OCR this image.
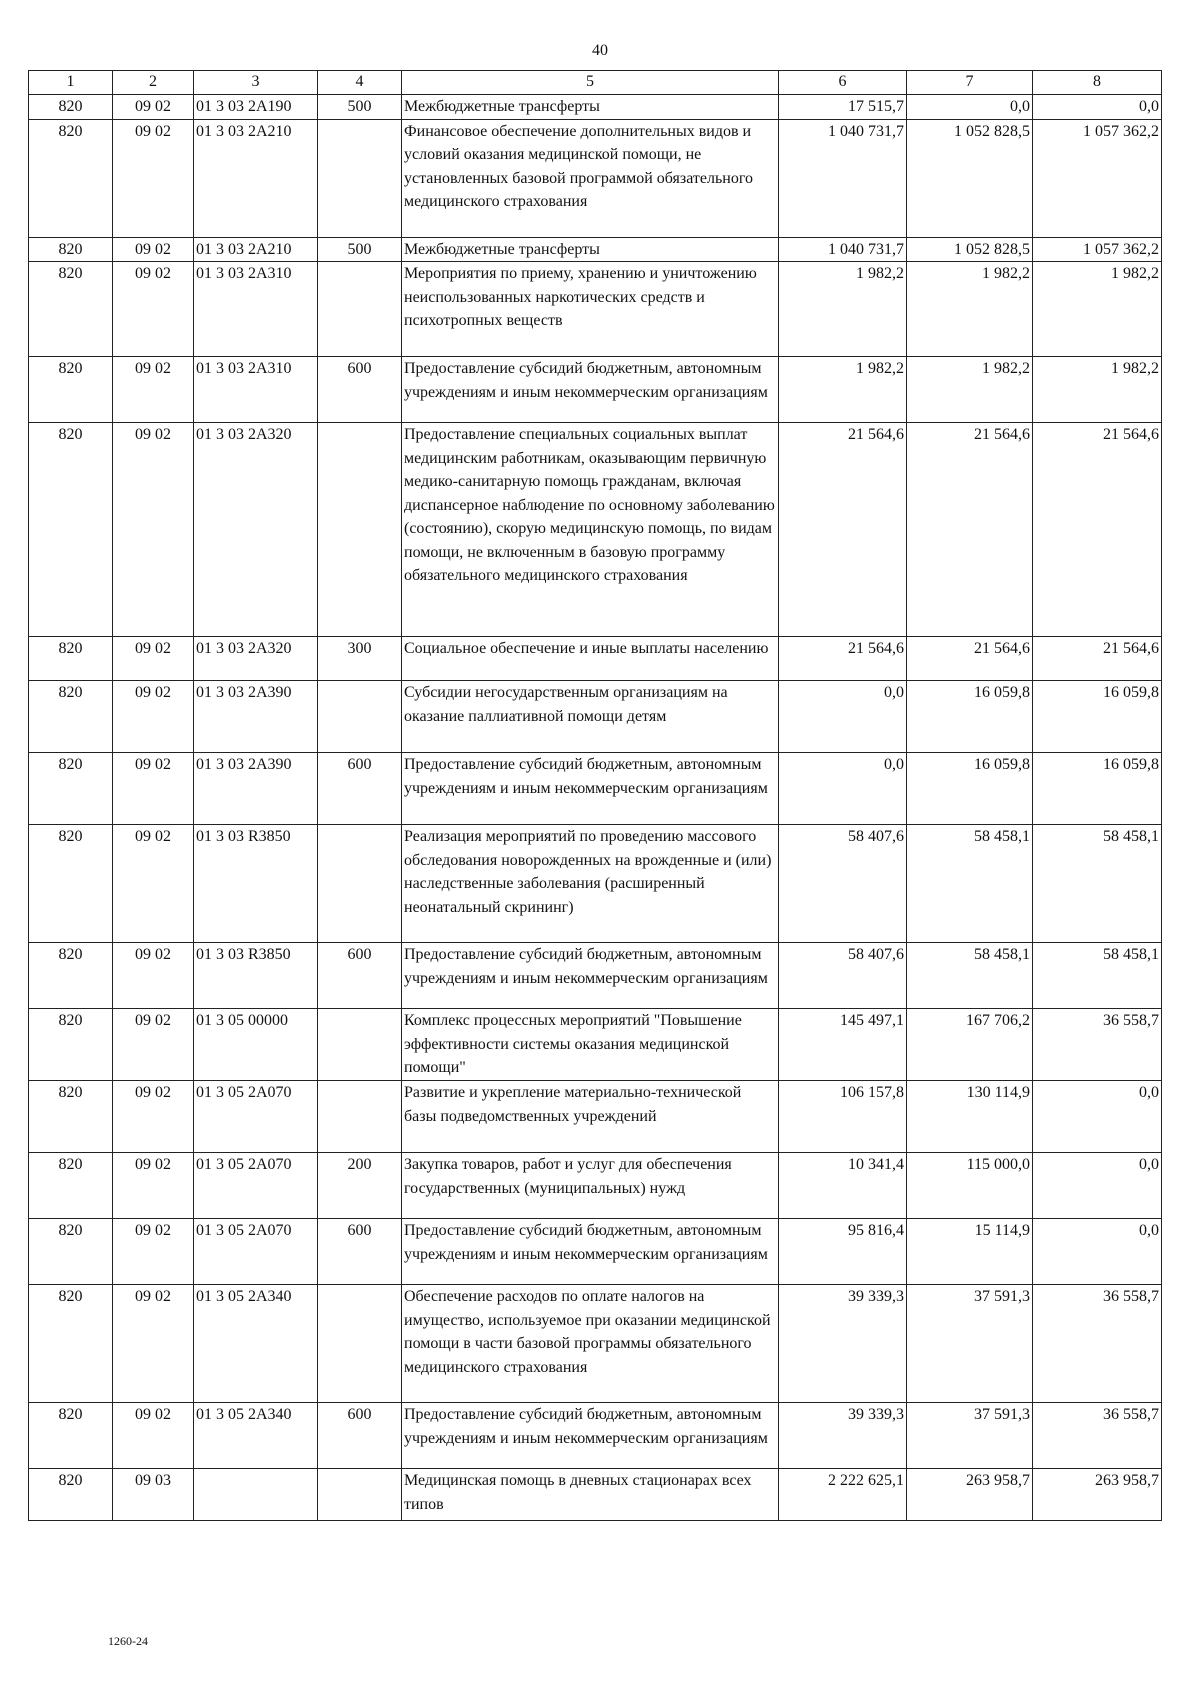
40
1	2	3	4	5	6	7	8
820	09 02	01 3 03 2А190	500	Межбюджетные трансферты	17 515,7	0,0	0,0
820	09 02	01 3 03 2А210		Финансовое обеспечение дополнительных видов и условий оказания медицинской помощи, не установленных базовой программой обязательного медицинского страхования	1 040 731,7	1 052 828,5	1 057 362,2
820	09 02	01 3 03 2А210	500	Межбюджетные трансферты	1 040 731,7	1 052 828,5	1 057 362,2
820	09 02	01 3 03 2А310		Мероприятия по приему, хранению и уничтожению неиспользованных наркотических средств и психотропных веществ	1 982,2	1 982,2	1 982,2
820	09 02	01 3 03 2А310	600	Предоставление субсидий бюджетным, автономным учреждениям и иным некоммерческим организациям	1 982,2	1 982,2	1 982,2
820	09 02	01 3 03 2А320		Предоставление специальных социальных выплат медицинским работникам, оказывающим первичную медико-санитарную помощь гражданам, включая диспансерное наблюдение по основному заболеванию (состоянию), скорую медицинскую помощь, по видам помощи, не включенным в базовую программу обязательного медицинского страхования	21 564,6	21 564,6	21 564,6
820	09 02	01 3 03 2А320	300	Социальное обеспечение и иные выплаты населению	21 564,6	21 564,6	21 564,6
820	09 02	01 3 03 2А390		Субсидии негосударственным организациям на оказание паллиативной помощи детям	0,0	16 059,8	16 059,8
820	09 02	01 3 03 2А390	600	Предоставление субсидий бюджетным, автономным учреждениям и иным некоммерческим организациям	0,0	16 059,8	16 059,8
820	09 02	01 3 03 R3850		Реализация мероприятий по проведению массового обследования новорожденных на врожденные и (или) наследственные заболевания (расширенный неонатальный скрининг)	58 407,6	58 458,1	58 458,1
820	09 02	01 3 03 R3850	600	Предоставление субсидий бюджетным, автономным учреждениям и иным некоммерческим организациям	58 407,6	58 458,1	58 458,1
820	09 02	01 3 05 00000		Комплекс процессных мероприятий "Повышение эффективности системы оказания медицинской помощи"	145 497,1	167 706,2	36 558,7
820	09 02	01 3 05 2А070		Развитие и укрепление материально-технической базы подведомственных учреждений	106 157,8	130 114,9	0,0
820	09 02	01 3 05 2А070	200	Закупка товаров, работ и услуг для обеспечения государственных (муниципальных) нужд	10 341,4	115 000,0	0,0
820	09 02	01 3 05 2А070	600	Предоставление субсидий бюджетным, автономным учреждениям и иным некоммерческим организациям	95 816,4	15 114,9	0,0
820	09 02	01 3 05 2А340		Обеспечение расходов по оплате налогов на имущество, используемое при оказании медицинской помощи в части базовой программы обязательного медицинского страхования	39 339,3	37 591,3	36 558,7
820	09 02	01 3 05 2А340	600	Предоставление субсидий бюджетным, автономным учреждениям и иным некоммерческим организациям	39 339,3	37 591,3	36 558,7
820	09 03			Медицинская помощь в дневных стационарах всех типов	2 222 625,1	263 958,7	263 958,7
1260-24
